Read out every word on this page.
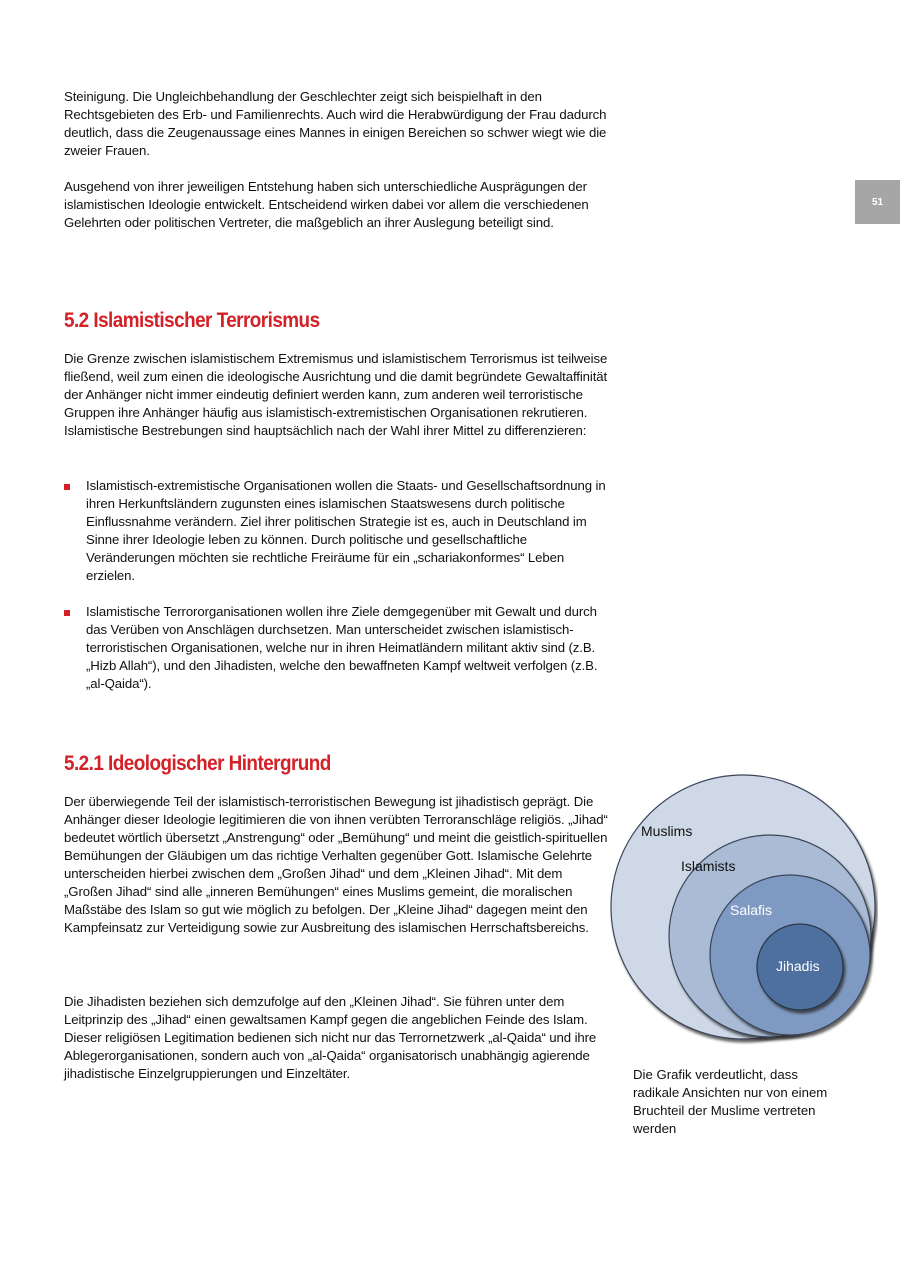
51

Steinigung. Die Ungleichbehandlung der Geschlechter zeigt sich beispielhaft in den Rechtsgebieten des Erb- und Familienrechts. Auch wird die Herabwürdigung der Frau dadurch deutlich, dass die Zeugenaussage eines Mannes in einigen Bereichen so schwer wiegt wie die zweier Frauen.

Ausgehend von ihrer jeweiligen Entstehung haben sich unterschiedliche Ausprägungen der islamistischen Ideologie entwickelt. Entscheidend wirken dabei vor allem die verschiedenen Gelehrten oder politischen Vertreter, die maßgeblich an ihrer Auslegung beteiligt sind.

5.2 Islamistischer Terrorismus

Die Grenze zwischen islamistischem Extremismus und islamistischem Terrorismus ist teilweise fließend, weil zum einen die ideologische Ausrichtung und die damit begründete Gewaltaffinität der Anhänger nicht immer eindeutig definiert werden kann, zum anderen weil terroristische Gruppen ihre Anhänger häufig aus islamistisch-extremistischen Organisationen rekrutieren. Islamistische Bestrebungen sind hauptsächlich nach der Wahl ihrer Mittel zu differenzieren:

Islamistisch-extremistische Organisationen wollen die Staats- und Gesellschaftsordnung in ihren Herkunftsländern zugunsten eines islamischen Staatswesens durch politische Einflussnahme verändern. Ziel ihrer politischen Strategie ist es, auch in Deutschland im Sinne ihrer Ideologie leben zu können. Durch politische und gesellschaftliche Veränderungen möchten sie rechtliche Freiräume für ein „schariakonformes“ Leben erzielen.
Islamistische Terrororganisationen wollen ihre Ziele demgegenüber mit Gewalt und durch das Verüben von Anschlägen durchsetzen. Man unterscheidet zwischen islamistisch-terroristischen Organisationen, welche nur in ihren Heimatländern militant aktiv sind (z.B. „Hizb Allah“), und den Jihadisten, welche den bewaffneten Kampf weltweit verfolgen (z.B. „al-Qaida“).
5.2.1 Ideologischer Hintergrund

Der überwiegende Teil der islamistisch-terroristischen Bewegung ist jihadistisch geprägt. Die Anhänger dieser Ideologie legitimieren die von ihnen verübten Terroranschläge religiös. „Jihad“ bedeutet wörtlich übersetzt „Anstrengung“ oder „Bemühung“ und meint die geistlich-spirituellen Bemühungen der Gläubigen um das richtige Verhalten gegenüber Gott. Islamische Gelehrte unterscheiden hierbei zwischen dem „Großen Jihad“ und dem „Kleinen Jihad“. Mit dem „Großen Jihad“ sind alle „inneren Bemühungen“ eines Muslims gemeint, die moralischen Maßstäbe des Islam so gut wie möglich zu befolgen. Der „Kleine Jihad“ dagegen meint den Kampfeinsatz zur Verteidigung sowie zur Ausbreitung des islamischen Herrschaftsbereichs.

Die Jihadisten beziehen sich demzufolge auf den „Kleinen Jihad“. Sie führen unter dem Leitprinzip des „Jihad“ einen gewaltsamen Kampf gegen die angeblichen Feinde des Islam. Dieser religiösen Legitimation bedienen sich nicht nur das Terrornetzwerk „al-Qaida“ und ihre Ablegerorganisationen, sondern auch von „al-Qaida“ organisatorisch unabhängig agierende jihadistische Einzelgruppierungen und Einzeltäter.

Muslims
Islamists
Salafis
Jihadis
Die Grafik verdeutlicht, dass radikale Ansichten nur von einem Bruchteil der Muslime vertreten werden
